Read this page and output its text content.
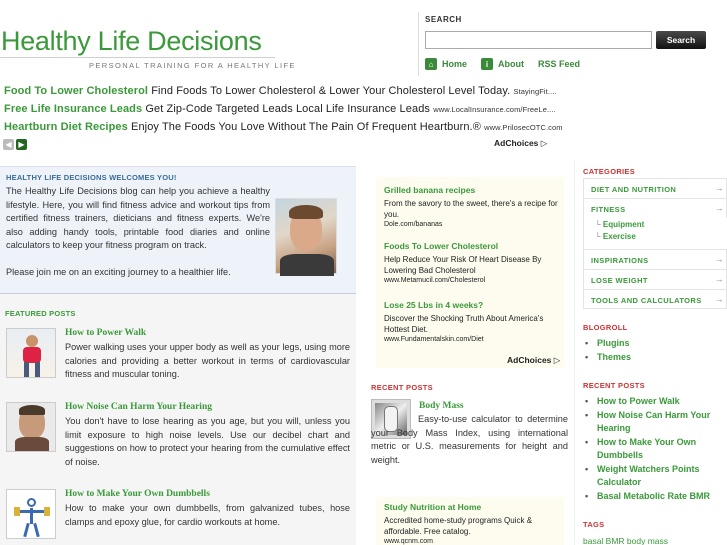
Healthy Life Decisions
PERSONAL TRAINING FOR A HEALTHY LIFE
SEARCH
Search
⌂ Home	i	About RSS Feed
Food To Lower Cholesterol Find Foods To Lower Cholesterol & Lower Your Cholesterol Level Today. StayingFit....
Free Life Insurance Leads Get Zip-Code Targeted Leads Local Life Insurance Leads www.LocalInsurance.com/FreeLe....
Heartburn Diet Recipes Enjoy The Foods You Love Without The Pain Of Frequent Heartburn.® www.PrilosecOTC.com
◀ ▶	AdChoices ▷
HEALTHY LIFE DECISIONS WELCOMES YOU!
The Healthy Life Decisions blog can help you achieve a healthy lifestyle. Here, you will find fitness advice and workout tips from certified fitness trainers, dieticians and fitness experts. We're also adding handy tools, printable food diaries and online calculators to keep your fitness program on track.
Please join me on an exciting journey to a healthier life.
FEATURED POSTS
How to Power Walk
Power walking uses your upper body as well as your legs, using more calories and providing a better workout in terms of cardiovascular fitness and muscular toning.
How Noise Can Harm Your Hearing
You don't have to lose hearing as you age, but you will, unless you limit exposure to high noise levels. Use our decibel chart and suggestions on how to protect your hearing from the cumulative effect of noise.
How to Make Your Own Dumbbells
How to make your own dumbbells, from galvanized tubes, hose clamps and epoxy glue, for cardio workouts at home.
Grilled banana recipes
From the savory to the sweet, there's a recipe for you.
Dole.com/bananas
Foods To Lower Cholesterol
Help Reduce Your Risk Of Heart Disease By Lowering Bad Cholesterol
www.Metamucil.com/Cholesterol
Lose 25 Lbs in 4 weeks?
Discover the Shocking Truth About America's Hottest Diet.
www.Fundamentalskin.com/Diet
AdChoices ▷
RECENT POSTS
Body Mass
Easy-to-use calculator to determine your Body Mass Index, using international metric or U.S. measurements for height and weight.
Study Nutrition at Home
Accredited home-study programs Quick & affordable. Free catalog.
www.qcnm.com
CATEGORIES
DIET AND NUTRITION	→
FITNESS	→
└ Equipment
└ Exercise
INSPIRATIONS	→
LOSE WEIGHT	→
TOOLS AND CALCULATORS →
BLOGROLL
• Plugins
• Themes
RECENT POSTS
• How to Power Walk
• How Noise Can Harm Your Hearing
• How to Make Your Own Dumbbells
• Weight Watchers Points Calculator
• Basal Metabolic Rate BMR
TAGS
basal BMR body mass
